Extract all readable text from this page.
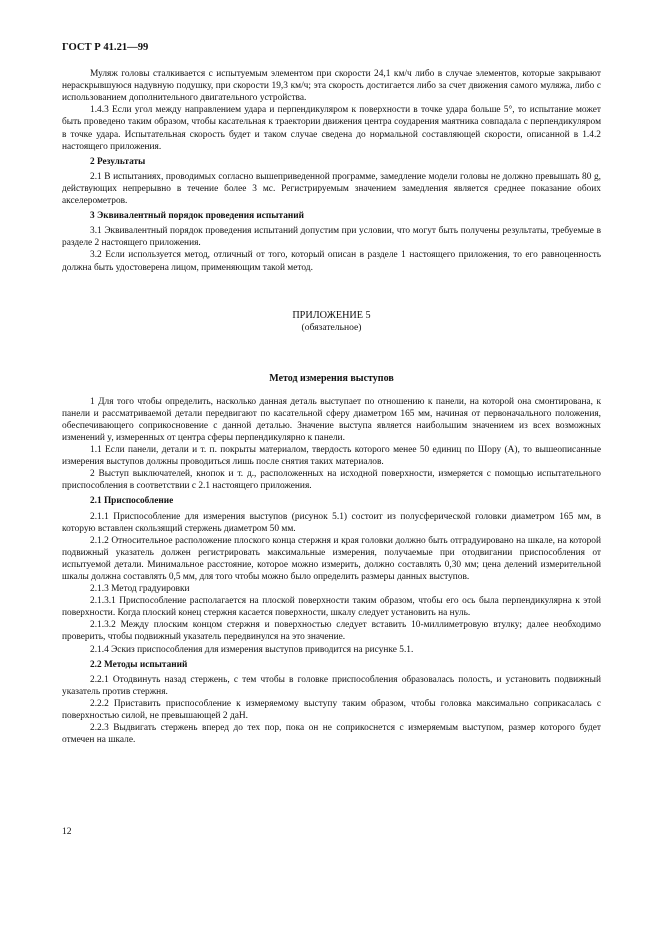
ГОСТ Р 41.21—99

Муляж головы сталкивается с испытуемым элементом при скорости 24,1 км/ч либо в случае элементов, которые закрывают нераскрывшуюся надувную подушку, при скорости 19,3 км/ч; эта скорость достигается либо за счет движения самого муляжа, либо с использованием дополнительного двигательного устройства.

1.4.3 Если угол между направлением удара и перпендикуляром к поверхности в точке удара больше 5°, то испытание может быть проведено таким образом, чтобы касательная к траектории движения центра соударения маятника совпадала с перпендикуляром в точке удара. Испытательная скорость будет и таком случае сведена до нормальной составляющей скорости, описанной в 1.4.2 настоящего приложения.

2 Результаты

2.1 В испытаниях, проводимых согласно вышеприведенной программе, замедление модели головы не должно превышать 80 g, действующих непрерывно в течение более 3 мс. Регистрируемым значением замедления является среднее показание обоих акселерометров.

3 Эквивалентный порядок проведения испытаний

3.1 Эквивалентный порядок проведения испытаний допустим при условии, что могут быть получены результаты, требуемые в разделе 2 настоящего приложения.

3.2 Если используется метод, отличный от того, который описан в разделе 1 настоящего приложения, то его равноценность должна быть удостоверена лицом, применяющим такой метод.

ПРИЛОЖЕНИЕ 5
(обязательное)
Метод измерения выступов

1 Для того чтобы определить, насколько данная деталь выступает по отношению к панели, на которой она смонтирована, к панели и рассматриваемой детали передвигают по касательной сферу диаметром 165 мм, начиная от первоначального положения, обеспечивающего соприкосновение с данной деталью. Значение выступа является наибольшим значением из всех возможных изменений y, измеренных от центра сферы перпендикулярно к панели.

1.1 Если панели, детали и т. п. покрыты материалом, твердость которого менее 50 единиц по Шору (А), то вышеописанные измерения выступов должны проводиться лишь после снятия таких материалов.

2 Выступ выключателей, кнопок и т. д., расположенных на исходной поверхности, измеряется с помощью испытательного приспособления в соответствии с 2.1 настоящего приложения.

2.1 Приспособление

2.1.1 Приспособление для измерения выступов (рисунок 5.1) состоит из полусферической головки диаметром 165 мм, в которую вставлен скользящий стержень диаметром 50 мм.

2.1.2 Относительное расположение плоского конца стержня и края головки должно быть отградуировано на шкале, на которой подвижный указатель должен регистрировать максимальные измерения, получаемые при отодвигании приспособления от испытуемой детали. Минимальное расстояние, которое можно измерить, должно составлять 0,30 мм; цена делений измерительной шкалы должна составлять 0,5 мм, для того чтобы можно было определить размеры данных выступов.

2.1.3 Метод градуировки

2.1.3.1 Приспособление располагается на плоской поверхности таким образом, чтобы его ось была перпендикулярна к этой поверхности. Когда плоский конец стержня касается поверхности, шкалу следует установить на нуль.

2.1.3.2 Между плоским концом стержня и поверхностью следует вставить 10-миллиметровую втулку; далее необходимо проверить, чтобы подвижный указатель передвинулся на это значение.

2.1.4 Эскиз приспособления для измерения выступов приводится на рисунке 5.1.

2.2 Методы испытаний

2.2.1 Отодвинуть назад стержень, с тем чтобы в головке приспособления образовалась полость, и установить подвижный указатель против стержня.

2.2.2 Приставить приспособление к измеряемому выступу таким образом, чтобы головка максимально соприкасалась с поверхностью силой, не превышающей 2 даН.

2.2.3 Выдвигать стержень вперед до тех пор, пока он не соприкоснется с измеряемым выступом, размер которого будет отмечен на шкале.

12
